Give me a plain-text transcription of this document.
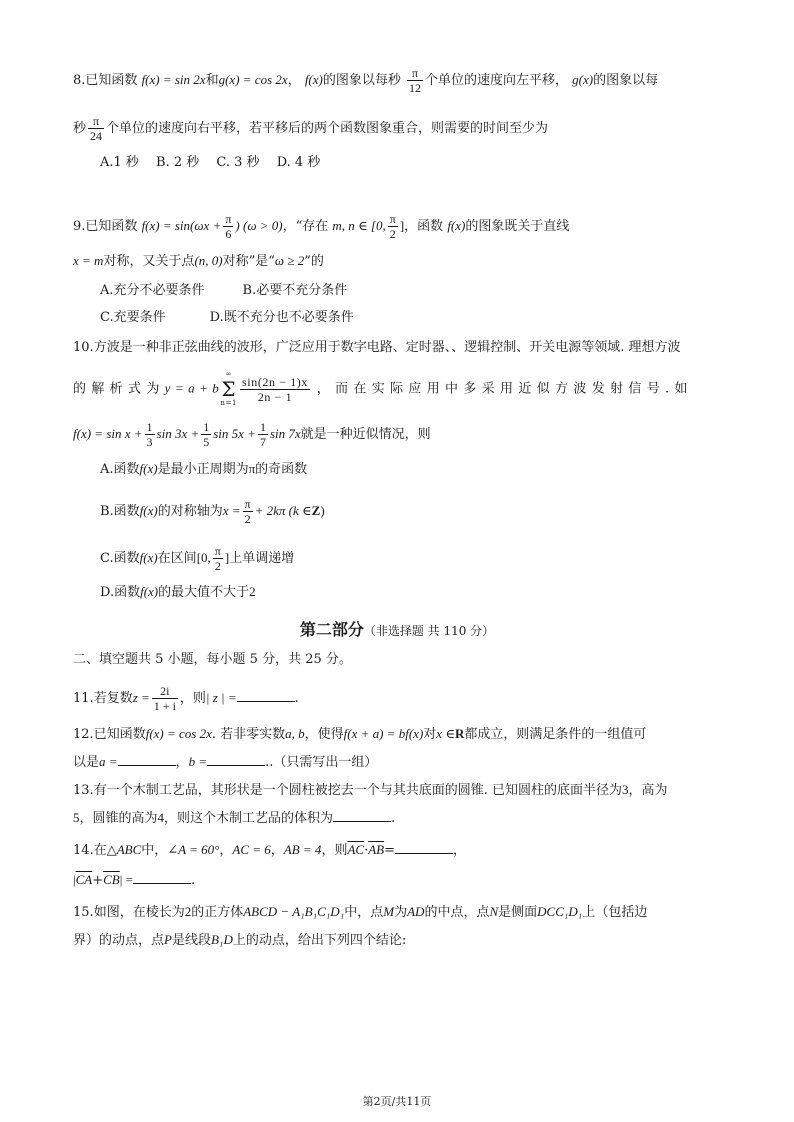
8.已知函数 f(x) = sin 2x和g(x) = cos 2x， f(x)的图象以每秒 $\frac{\pi}{12}$ 个单位的速度向左平移， g(x)的图象以每
秒 $\frac{\pi}{24}$ 个单位的速度向右平移，若平移后的两个函数图象重合，则需要的时间至少为
A.1 秒　 B. 2 秒　 C. 3 秒　 D. 4 秒
9.已知函数 $f(x) = \sin(\omega x + \frac{\pi}{6}$ ) (ω > 0)，“存在 m, n ∈ [0, $\frac{\pi}{2}$ ]，函数 f(x)的图象既关于直线
x = m对称，又关于点(n, 0)对称”是“ω ≥ 2”的
A.充分不必要条件	B.必要不充分条件
C.充要条件	D.既不充分也不必要条件
10.方波是一种非正弦曲线的波形，广泛应用于数字电路、定时器、、逻辑控制、开关电源等领域. 理想方波
的 解 析 式 为 y = a + b
∞
Σ
$n=1 \frac{\sin(2n - 1)x}{2n - 1}$ ， 而 在 实 际 应 用 中 多 采 用 近 似 方 波 发 射 信 号 . 如
$f(x) = \sin x + \frac{1}{3}$ $\sin 3x + \frac{1}{5}$ $\sin 5x + \frac{1}{7}$ sin 7x就是一种近似情况，则
A.函数f(x)是最小正周期为π的奇函数
B.函数f(x)的对称轴为$x = \frac{\pi}{2} + 2k\pi$ (k ∈Z)
C.函数f(x)在区间[0, $\frac{\pi}{2}$ ]上单调递增
D.函数f(x)的最大值不大于2
第二部分（非选择题 共 110 分）
二、填空题共 5 小题，每小题 5 分，共 25 分。
11.若复数$z = \frac{2i}{1 + i}$ ，则| z | =	.
12.已知函数f(x) = cos 2x. 若非零实数a, b，使得f(x + a) = bf(x)对x ∈R都成立，则满足条件的一组值可
以是a =	，b =	..（只需写出一组）
13.有一个木制工艺品，其形状是一个圆柱被挖去一个与其共底面的圆锥. 已知圆柱的底面半径为3，高为
5，圆锥的高为4，则这个木制工艺品的体积为	.
14.在△ABC中，∠A = 60°，AC = 6，AB = 4，则$\overline{AC}\cdot\overline{AB}=$	，
$|\overline{CA}+\overline{CB}|$ =	.
15.如图，在棱长为2的正方体ABCD − A₁B₁C₁D₁中，点M为AD的中点，点N是侧面DCC₁D₁上（包括边
界）的动点，点P是线段B₁D上的动点，给出下列四个结论:
第2页/共11页
